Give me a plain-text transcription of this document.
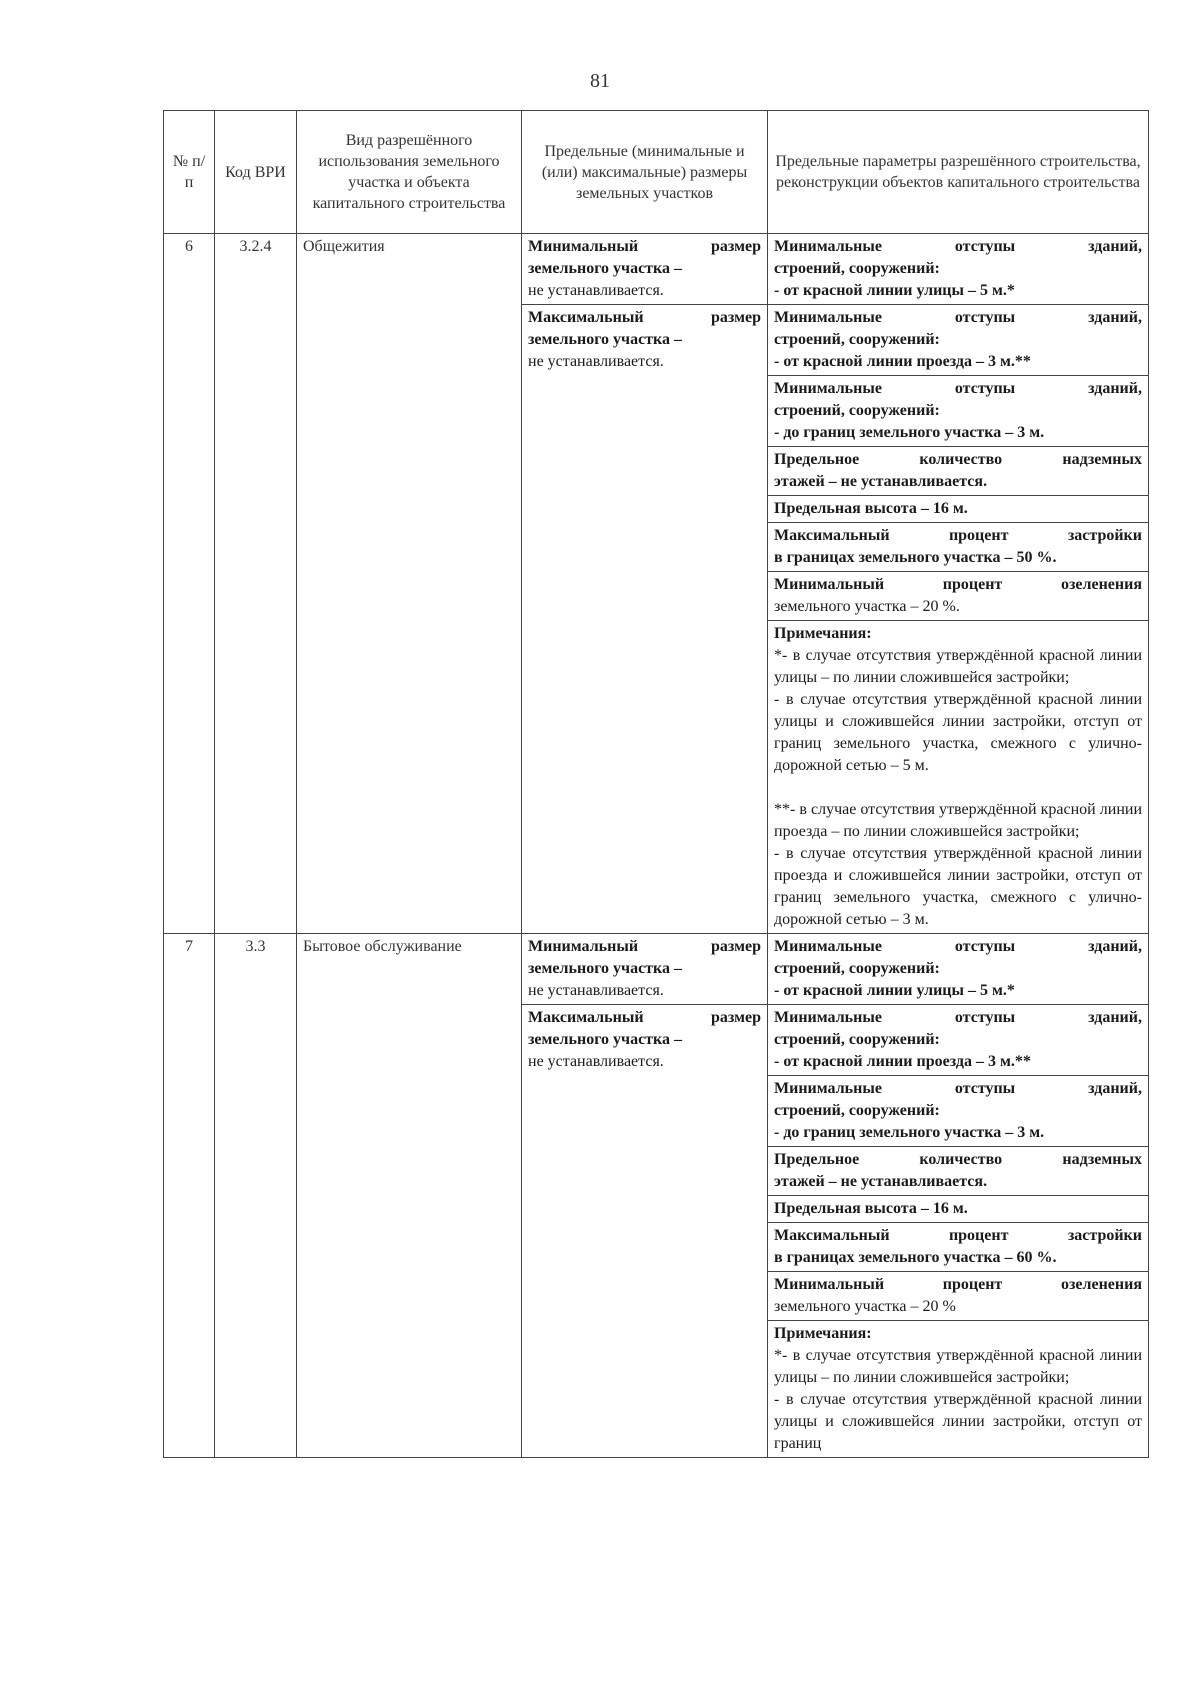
81
№ п/п	Код ВРИ	Вид разрешённого использования земельного участка и объекта капитального строительства	Предельные (минимальные и (или) максимальные) размеры земельных участков	Предельные параметры разрешённого строительства, реконструкции объектов капитального строительства
6	3.2.4	Общежития	Минимальный размер
земельного участка –
не устанавливается.	Минимальные отступы зданий,
строений, сооружений:
- от красной линии улицы – 5 м.*

			Максимальный размер
земельного участка –
не устанавливается.	Минимальные отступы зданий,
строений, сооружений:
- от красной линии проезда – 3 м.**

				Минимальные отступы зданий,
строений, сооружений:
- до границ земельного участка – 3 м.

				Предельное количество надземных
этажей – не устанавливается.

				Предельная высота – 16 м.

				Максимальный процент застройки
в границах земельного участка – 50 %.

				Минимальный процент озеленения
земельного участка – 20 %.

				Примечания:
*- в случае отсутствия утверждённой красной линии улицы – по линии сложившейся застройки;
- в случае отсутствия утверждённой красной линии улицы и сложившейся линии застройки, отступ от границ земельного участка, смежного с улично-дорожной сетью – 5 м.
**- в случае отсутствия утверждённой красной линии проезда – по линии сложившейся застройки;
- в случае отсутствия утверждённой красной линии проезда и сложившейся линии застройки, отступ от границ земельного участка, смежного с улично-дорожной сетью – 3 м.

7	3.3	Бытовое обслуживание	Минимальный размер
земельного участка –
не устанавливается.	Минимальные отступы зданий,
строений, сооружений:
- от красной линии улицы – 5 м.*

			Максимальный размер
земельного участка –
не устанавливается.	Минимальные отступы зданий,
строений, сооружений:
- от красной линии проезда – 3 м.**

				Минимальные отступы зданий,
строений, сооружений:
- до границ земельного участка – 3 м.

				Предельное количество надземных
этажей – не устанавливается.

				Предельная высота – 16 м.

				Максимальный процент застройки
в границах земельного участка – 60 %.

				Минимальный процент озеленения
земельного участка – 20 %

				Примечания:
*- в случае отсутствия утверждённой красной линии улицы – по линии сложившейся застройки;
- в случае отсутствия утверждённой красной линии улицы и сложившейся линии застройки, отступ от границ
